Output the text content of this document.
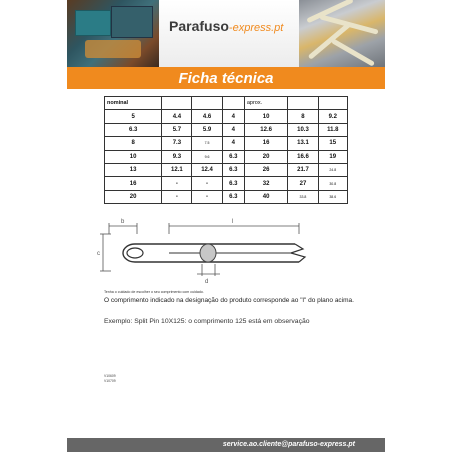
Parafuso-express.pt
Ficha técnica
nominal				aprox.		
5	4.4	4.6	4	10	8	9.2
6.3	5.7	5.9	4	12.6	10.3	11.8
8	7.3	7.5	4	16	13.1	15
10	9.3	9.6	6.3	20	16.6	19
13	12.1	12.4	6.3	26	21.7	24.8
16	-	-	6.3	32	27	30.8
20	-	-	6.3	40	33.8	38.6
b	l
c
d
Tenha o cuidado de escolher o seu comprimento com cuidado.
O comprimento indicado na designação do produto corresponde ao "l" do plano acima.
Exemplo: Split Pin 10X125: o comprimento 125 está em observação
V10609
V10709
service.ao.cliente@parafuso-express.pt
